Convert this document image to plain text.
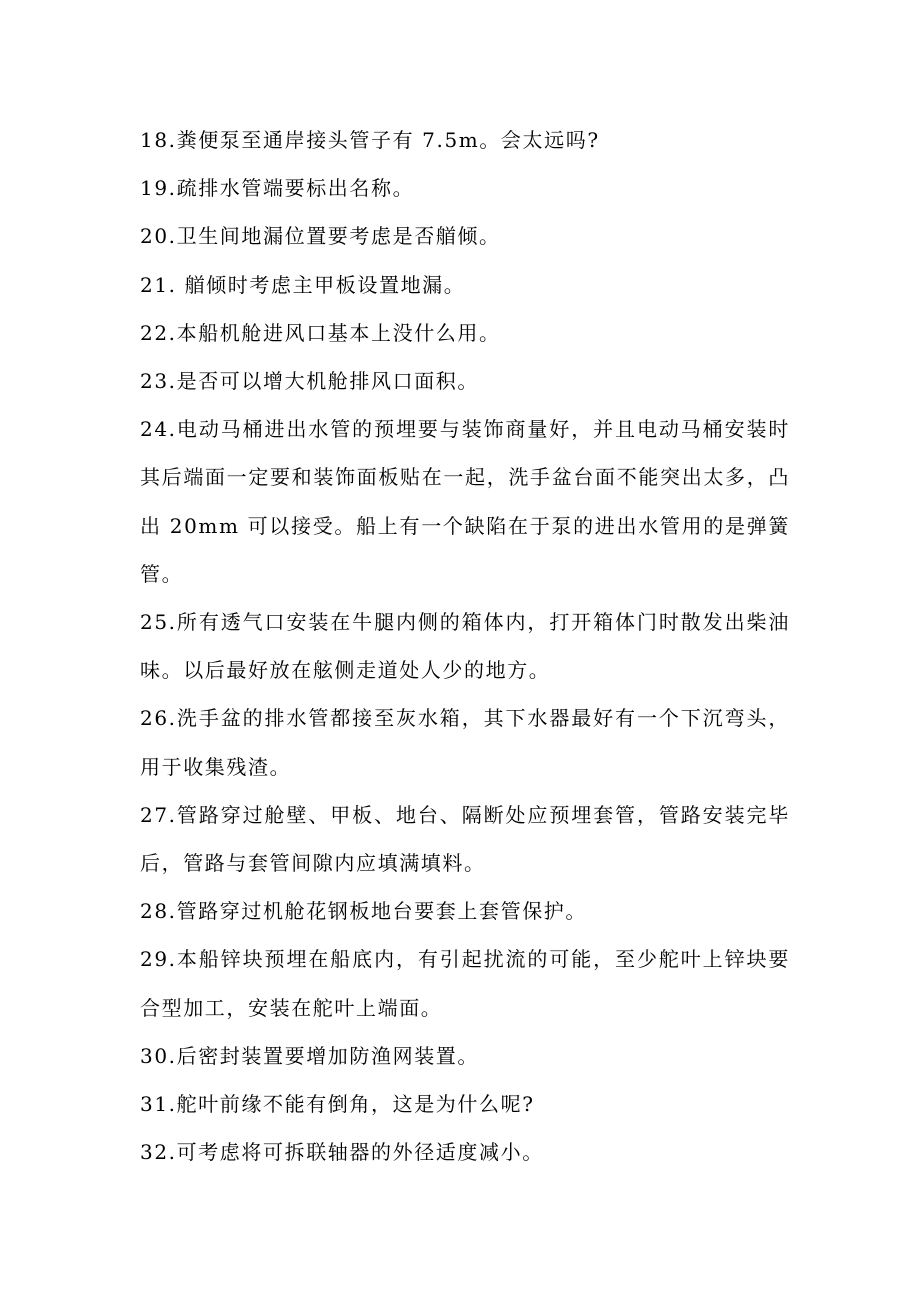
18.粪便泵至通岸接头管子有 7.5m。会太远吗?

19.疏排水管端要标出名称。

20.卫生间地漏位置要考虑是否艏倾。

21. 艏倾时考虑主甲板设置地漏。

22.本船机舱进风口基本上没什么用。

23.是否可以增大机舱排风口面积。

24.电动马桶进出水管的预埋要与装饰商量好，并且电动马桶安装时其后端面一定要和装饰面板贴在一起，洗手盆台面不能突出太多，凸出 20mm 可以接受。船上有一个缺陷在于泵的进出水管用的是弹簧管。

25.所有透气口安装在牛腿内侧的箱体内，打开箱体门时散发出柴油味。以后最好放在舷侧走道处人少的地方。

26.洗手盆的排水管都接至灰水箱，其下水器最好有一个下沉弯头，用于收集残渣。

27.管路穿过舱壁、甲板、地台、隔断处应预埋套管，管路安装完毕后，管路与套管间隙内应填满填料。

28.管路穿过机舱花钢板地台要套上套管保护。

29.本船锌块预埋在船底内，有引起扰流的可能，至少舵叶上锌块要合型加工，安装在舵叶上端面。

30.后密封装置要增加防渔网装置。

31.舵叶前缘不能有倒角，这是为什么呢?

32.可考虑将可拆联轴器的外径适度减小。
